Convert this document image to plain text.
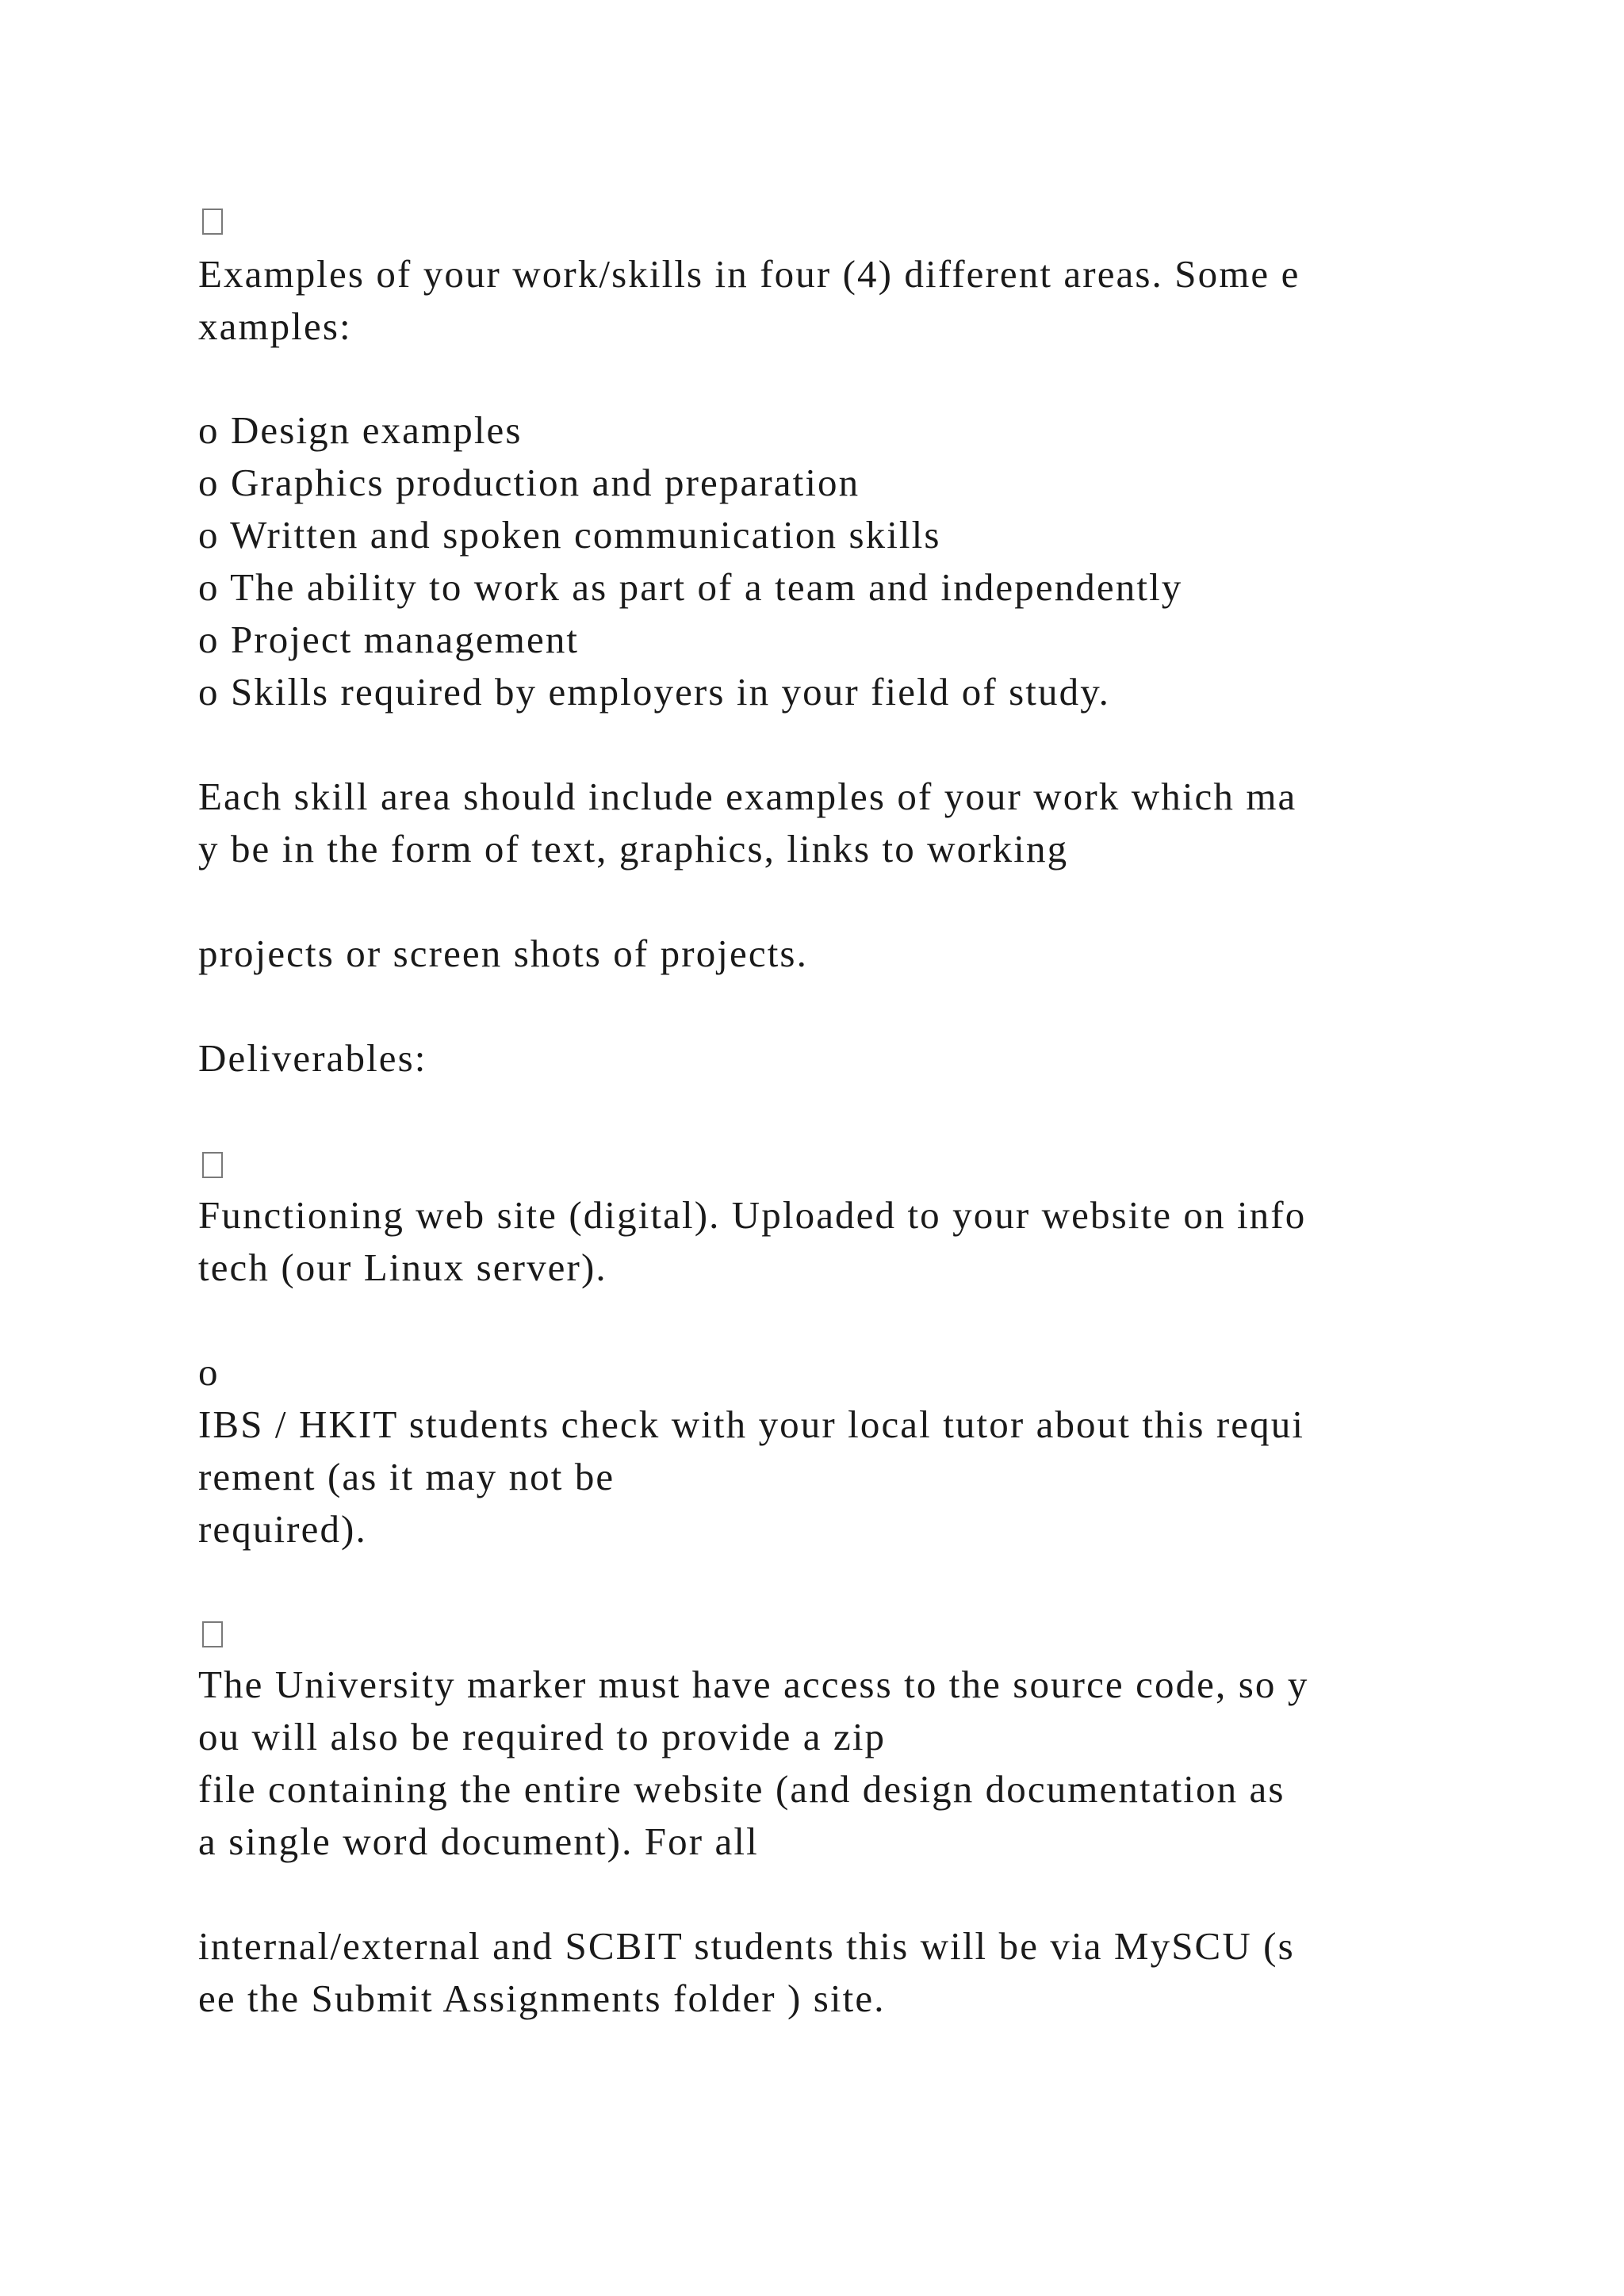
Examples of your work/skills in four (4) different areas. Some e
xamples:
o Design examples
o Graphics production and preparation
o Written and spoken communication skills
o The ability to work as part of a team and independently
o Project management
o Skills required by employers in your field of study.
Each skill area should include examples of your work which ma
y be in the form of text, graphics, links to working
projects or screen shots of projects.
Deliverables:
Functioning web site (digital). Uploaded to your website on info
tech (our Linux server).
o
IBS / HKIT students check with your local tutor about this requi
rement (as it may not be
required).
The University marker must have access to the source code, so y
ou will also be required to provide a zip
file containing the entire website (and design documentation as
a single word document). For all
internal/external and SCBIT students this will be via MySCU (s
ee the Submit Assignments folder ) site.
